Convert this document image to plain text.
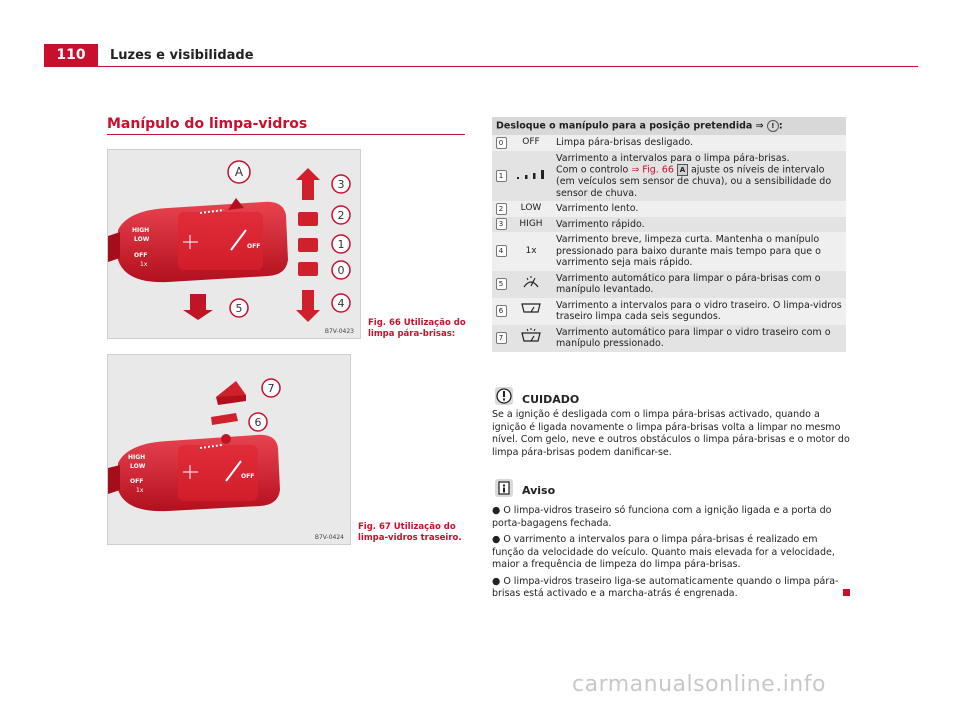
110	Luzes e visibilidade
Manípulo do limpa-vidros
HIGH
LOW
OFF
1x
OFF
A
3
2
1
0
4
5
B7V-0423
Fig. 66 Utilização do limpa pára-brisas:
HIGH
LOW
OFF
1x
OFF
7
6
B7V-0424
Fig. 67 Utilização do limpa-vidros traseiro.
Desloque o manípulo para a posição pretendida ⇒ ! :		
0	OFF	Limpa pára-brisas desligado.
1		Varrimento a intervalos para o limpa pára-brisas.
Com o controlo ⇒ Fig. 66 A ajuste os níveis de intervalo (em veículos sem sensor de chuva), ou a sensibilidade do sensor de chuva.
2	LOW	Varrimento lento.
3	HIGH	Varrimento rápido.
4	1x	Varrimento breve, limpeza curta. Mantenha o manípulo pressionado para baixo durante mais tempo para que o varrimento seja mais rápido.
5		Varrimento automático para limpar o pára-brisas com o manípulo levantado.
6		Varrimento a intervalos para o vidro traseiro. O limpa-vidros traseiro limpa cada seis segundos.
7		Varrimento automático para limpar o vidro traseiro com o manípulo pressionado.
CUIDADO
Se a ignição é desligada com o limpa pára-brisas activado, quando a ignição é ligada novamente o limpa pára-brisas volta a limpar no mesmo nível. Com gelo, neve e outros obstáculos o limpa pára-brisas e o motor do limpa pára-brisas podem danificar-se.
Aviso

● O limpa-vidros traseiro só funciona com a ignição ligada e a porta do porta-bagagens fechada.

● O varrimento a intervalos para o limpa pára-brisas é realizado em função da velocidade do veículo. Quanto mais elevada for a velocidade, maior a frequência de limpeza do limpa pára-brisas.

● O limpa-vidros traseiro liga-se automaticamente quando o limpa pára-brisas está activado e a marcha-atrás é engrenada.

carmanualsonline.info
